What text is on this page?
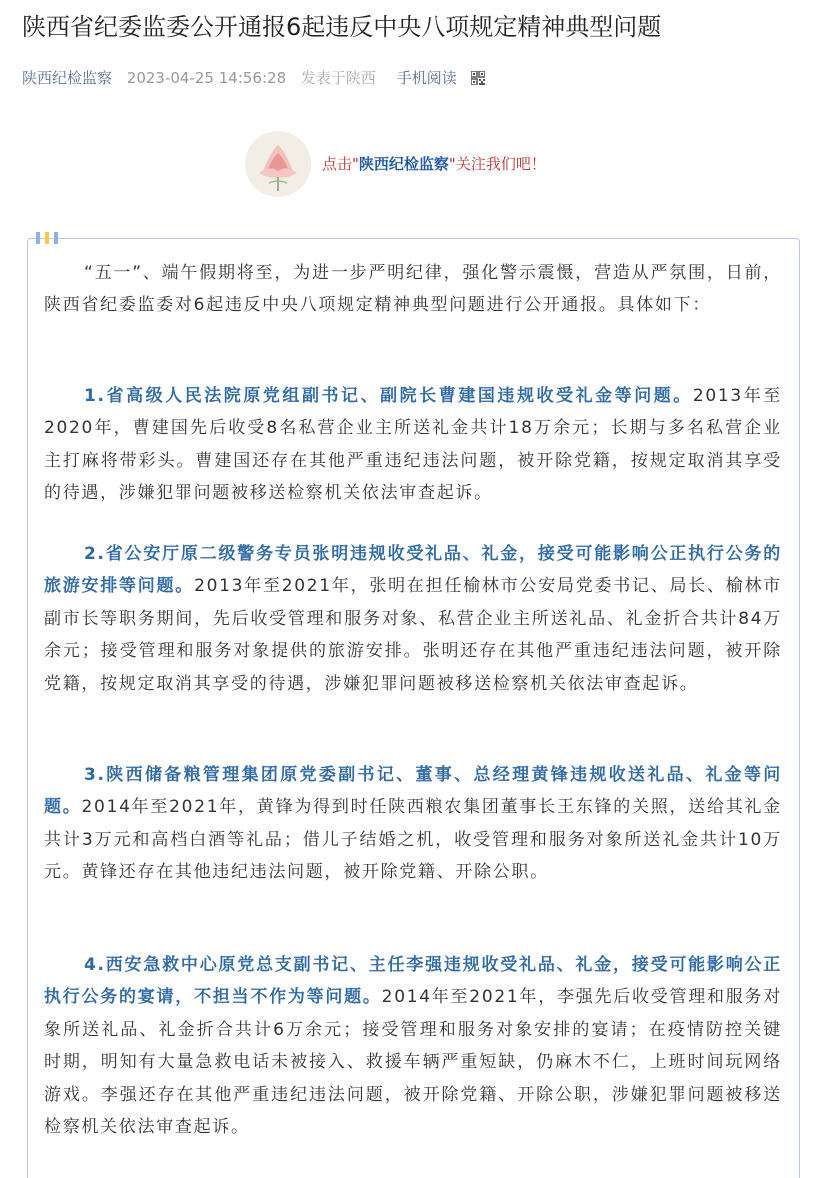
陕西省纪委监委公开通报6起违反中央八项规定精神典型问题
陕西纪检监察 2023-04-25 14:56:28 发表于陕西 手机阅读
点击"陕西纪检监察"关注我们吧！
“五一”、端午假期将至，为进一步严明纪律，强化警示震慑，营造从严氛围，日前，陕西省纪委监委对6起违反中央八项规定精神典型问题进行公开通报。具体如下：
1.省高级人民法院原党组副书记、副院长曹建国违规收受礼金等问题。2013年至2020年，曹建国先后收受8名私营企业主所送礼金共计18万余元；长期与多名私营企业主打麻将带彩头。曹建国还存在其他严重违纪违法问题，被开除党籍，按规定取消其享受的待遇，涉嫌犯罪问题被移送检察机关依法审查起诉。
2.省公安厅原二级警务专员张明违规收受礼品、礼金，接受可能影响公正执行公务的旅游安排等问题。2013年至2021年，张明在担任榆林市公安局党委书记、局长、榆林市副市长等职务期间，先后收受管理和服务对象、私营企业主所送礼品、礼金折合共计84万余元；接受管理和服务对象提供的旅游安排。张明还存在其他严重违纪违法问题，被开除党籍，按规定取消其享受的待遇，涉嫌犯罪问题被移送检察机关依法审查起诉。
3.陕西储备粮管理集团原党委副书记、董事、总经理黄锋违规收送礼品、礼金等问题。2014年至2021年，黄锋为得到时任陕西粮农集团董事长王东锋的关照，送给其礼金共计3万元和高档白酒等礼品；借儿子结婚之机，收受管理和服务对象所送礼金共计10万元。黄锋还存在其他违纪违法问题，被开除党籍、开除公职。
4.西安急救中心原党总支副书记、主任李强违规收受礼品、礼金，接受可能影响公正执行公务的宴请，不担当不作为等问题。2014年至2021年，李强先后收受管理和服务对象所送礼品、礼金折合共计6万余元；接受管理和服务对象安排的宴请；在疫情防控关键时期，明知有大量急救电话未被接入、救援车辆严重短缺，仍麻木不仁，上班时间玩网络游戏。李强还存在其他严重违纪违法问题，被开除党籍、开除公职，涉嫌犯罪问题被移送检察机关依法审查起诉。
